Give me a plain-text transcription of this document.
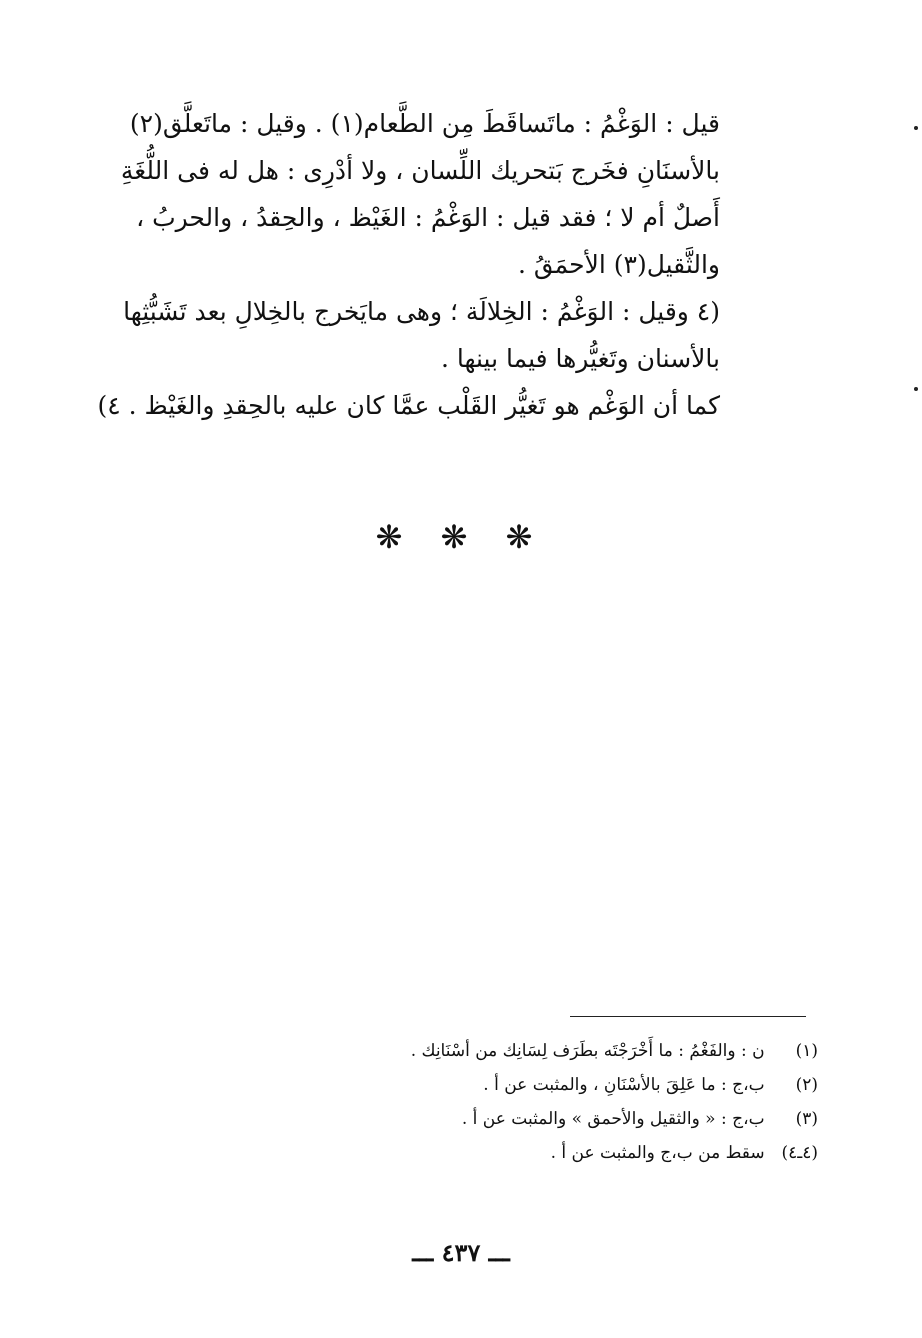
قيل : الوَغْمُ : ماتَساقَطَ مِن الطَّعام(١) . وقيل : ماتَعلَّق(٢)
بالأسنَانِ فخَرج بَتحريك اللِّسان ، ولا أدْرِى : هل له فى اللُّغَةِ
أَصلٌ أم لا ؛ فقد قيل : الوَغْمُ : الغَيْظ ، والحِقدُ ، والحربُ ،
والثَّقيل(٣) الأحمَقُ .
(٤ وقيل : الوَغْمُ : الخِلالَة ؛ وهى مايَخرج بالخِلالِ بعد تَشَبُّثِها
بالأسنان وتَغيُّرها فيما بينها .
كما أن الوَغْم هو تَغيُّر القَلْب عمَّا كان عليه بالحِقدِ والغَيْظ . ٤)
❋ ❋ ❋
(١) ن : والفَغْمُ : ما أَخْرَجْتَه بطَرَف لِسَانِك من أسْنَانِك .
(٢) ب،ج : ما عَلِقَ بالأسْنَانِ ، والمثبت عن أ .
(٣) ب،ج : « والثقيل والأحمق » والمثبت عن أ .
(٤ـ٤) سقط من ب،ج والمثبت عن أ .
ـــ ٤٣٧ ـــ
